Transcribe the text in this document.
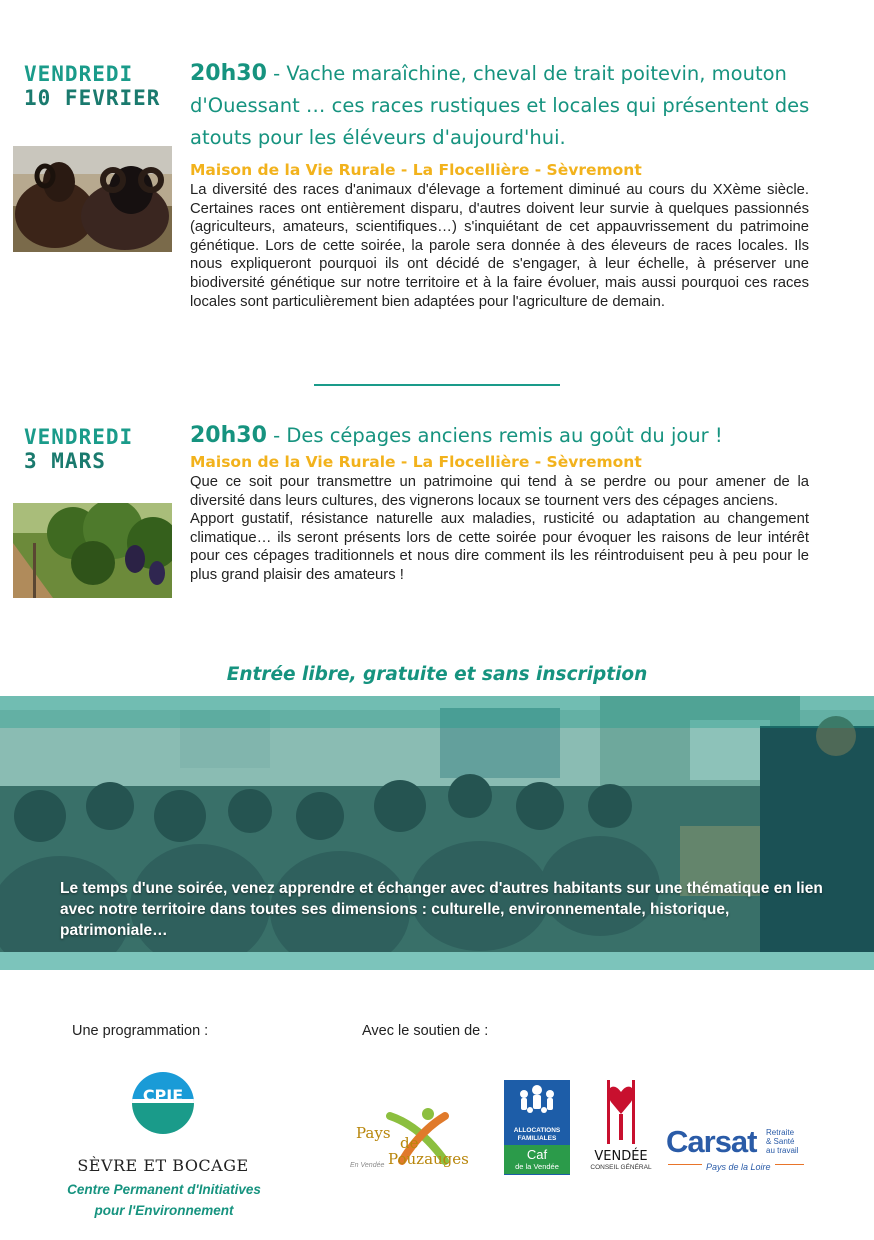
VENDREDI
10 FEVRIER
20h30 - Vache maraîchine, cheval de trait poitevin, mouton d'Ouessant … ces races rustiques et locales qui présentent des atouts pour les éléveurs d'aujourd'hui.
Maison de la Vie Rurale - La Flocellière - Sèvremont

La diversité des races d'animaux d'élevage a fortement diminué au cours du XXème siècle. Certaines races ont entièrement disparu, d'autres doivent leur survie à quelques passionnés (agriculteurs, amateurs, scientifiques…) s'inquiétant de cet appauvrissement du patrimoine génétique. Lors de cette soirée, la parole sera donnée à des éleveurs de races locales. Ils nous expliqueront pourquoi ils ont décidé de s'engager, à leur échelle, à préserver une biodiversité génétique sur notre territoire et à la faire évoluer, mais aussi pourquoi ces races locales sont particulièrement bien adaptées pour l'agriculture de demain.

VENDREDI
3 MARS
20h30 - Des cépages anciens remis au goût du jour !
Maison de la Vie Rurale - La Flocellière - Sèvremont

Que ce soit pour transmettre un patrimoine qui tend à se perdre ou pour amener de la diversité dans leurs cultures, des vignerons locaux se tournent vers des cépages anciens.

Apport gustatif, résistance naturelle aux maladies, rusticité ou adaptation au changement climatique… ils seront présents lors de cette soirée pour évoquer les raisons de leur intérêt pour ces cépages traditionnels et nous dire comment ils les réintroduisent peu à peu pour le plus grand plaisir des amateurs !

Entrée libre, gratuite et sans inscription
Le temps d'une soirée, venez apprendre et échanger avec d'autres habitants sur une thématique en lien avec notre territoire dans toutes ses dimensions : culturelle, environnementale, historique, patrimoniale…
Une programmation :	Avec le soutien de :
CPIE
SÈVRE ET BOCAGE
Centre Permanent d'Initiatives
pour l'Environnement
Pays
de
Pouzauges
En Vendée
ALLOCATIONS FAMILIALES
Caf
de la Vendée
VENDÉE
CONSEIL GÉNÉRAL
Carsat Retraite
& Santé
au travail
Pays de la Loire
